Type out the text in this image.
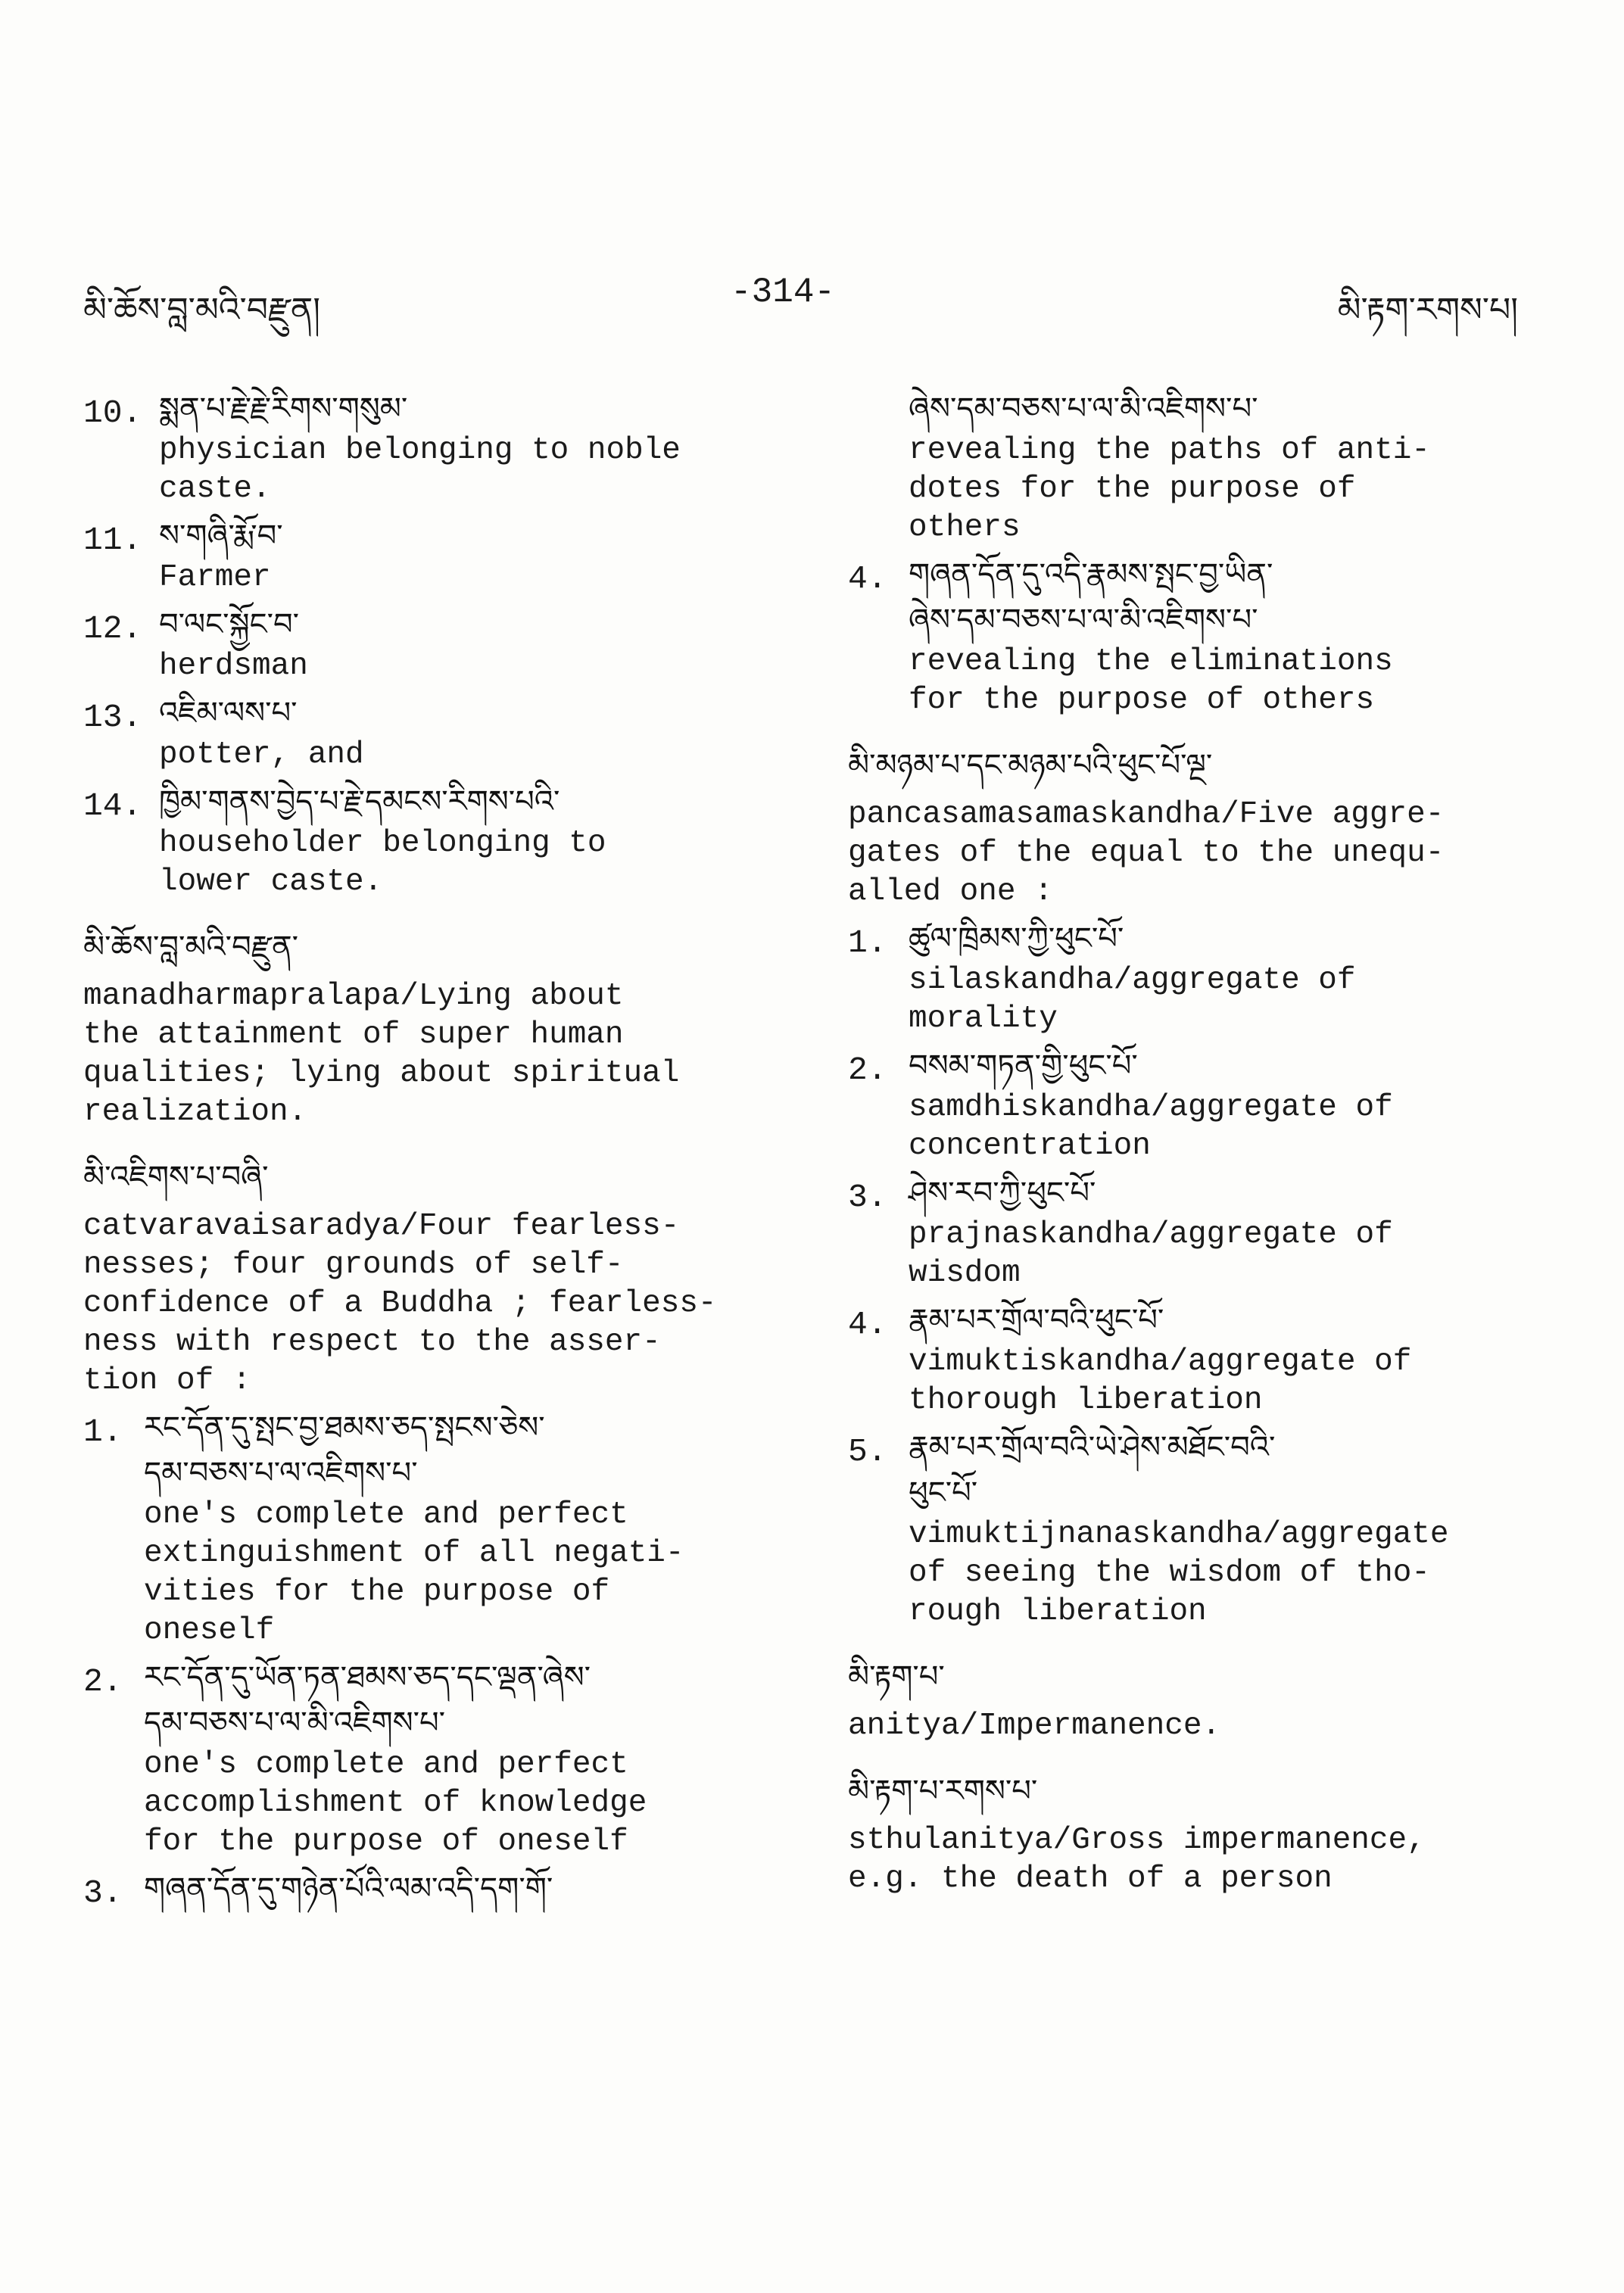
མི་ཆོས་བླ་མའི་བརྫུན།	-314-	མི་རྟག་རགས་པ།
10. སྨན་པ་རྗེ་རྗེ་རིགས་གསུམ་
physician belonging to noble
caste.
11. ས་གཞི་རྨོ་བ་
Farmer
12. བ་ལང་སྐྱོང་བ་
herdsman
13. འཇིམ་ལས་པ་
potter, and
14. ཁྱིམ་གནས་བྱེད་པ་རྗེ་དམངས་རིགས་པའི་
householder belonging to
lower caste.
མི་ཆོས་བླ་མའི་བརྫུན་
manadharmapralapa/Lying about
the attainment of super human
qualities; lying about spiritual
realization.
མི་འཇིགས་པ་བཞི་
catvaravaisaradya/Four fearless-
nesses; four grounds of self-
confidence of a Buddha ; fearless-
ness with respect to the asser-
tion of :
1. རང་དོན་དུ་སྤང་བྱ་ཐམས་ཅད་སྤངས་ཅེས་
དམ་བཅས་པ་ལ་འཇིགས་པ་
one's complete and perfect
extinguishment of all negati-
vities for the purpose of
oneself
2. རང་དོན་དུ་ཡོན་ཏན་ཐམས་ཅད་དང་ལྡན་ཞེས་
དམ་བཅས་པ་ལ་མི་འཇིགས་པ་
one's complete and perfect
accomplishment of knowledge
for the purpose of oneself
3. གཞན་དོན་དུ་གཉེན་པོའི་ལམ་འདི་དག་གོ་
ཞེས་དམ་བཅས་པ་ལ་མི་འཇིགས་པ་
revealing the paths of anti-
dotes for the purpose of
others
4. གཞན་དོན་དུ་འདི་རྣམས་སྤང་བྱ་ཡིན་
ཞེས་དམ་བཅས་པ་ལ་མི་འཇིགས་པ་
revealing the eliminations
for the purpose of others
མི་མཉམ་པ་དང་མཉམ་པའི་ཕུང་པོ་ལྔ་
pancasamasamaskandha/Five aggre-
gates of the equal to the unequ-
alled one :
1. ཚུལ་ཁྲིམས་ཀྱི་ཕུང་པོ་
silaskandha/aggregate of
morality
2. བསམ་གཏན་གྱི་ཕུང་པོ་
samdhiskandha/aggregate of
concentration
3. ཤེས་རབ་ཀྱི་ཕུང་པོ་
prajnaskandha/aggregate of
wisdom
4. རྣམ་པར་གྲོལ་བའི་ཕུང་པོ་
vimuktiskandha/aggregate of
thorough liberation
5. རྣམ་པར་གྲོལ་བའི་ཡེ་ཤེས་མཐོང་བའི་
ཕུང་པོ་
vimuktijnanaskandha/aggregate
of seeing the wisdom of tho-
rough liberation
མི་རྟག་པ་
anitya/Impermanence.
མི་རྟག་པ་རགས་པ་
sthulanitya/Gross impermanence,
e.g. the death of a person
